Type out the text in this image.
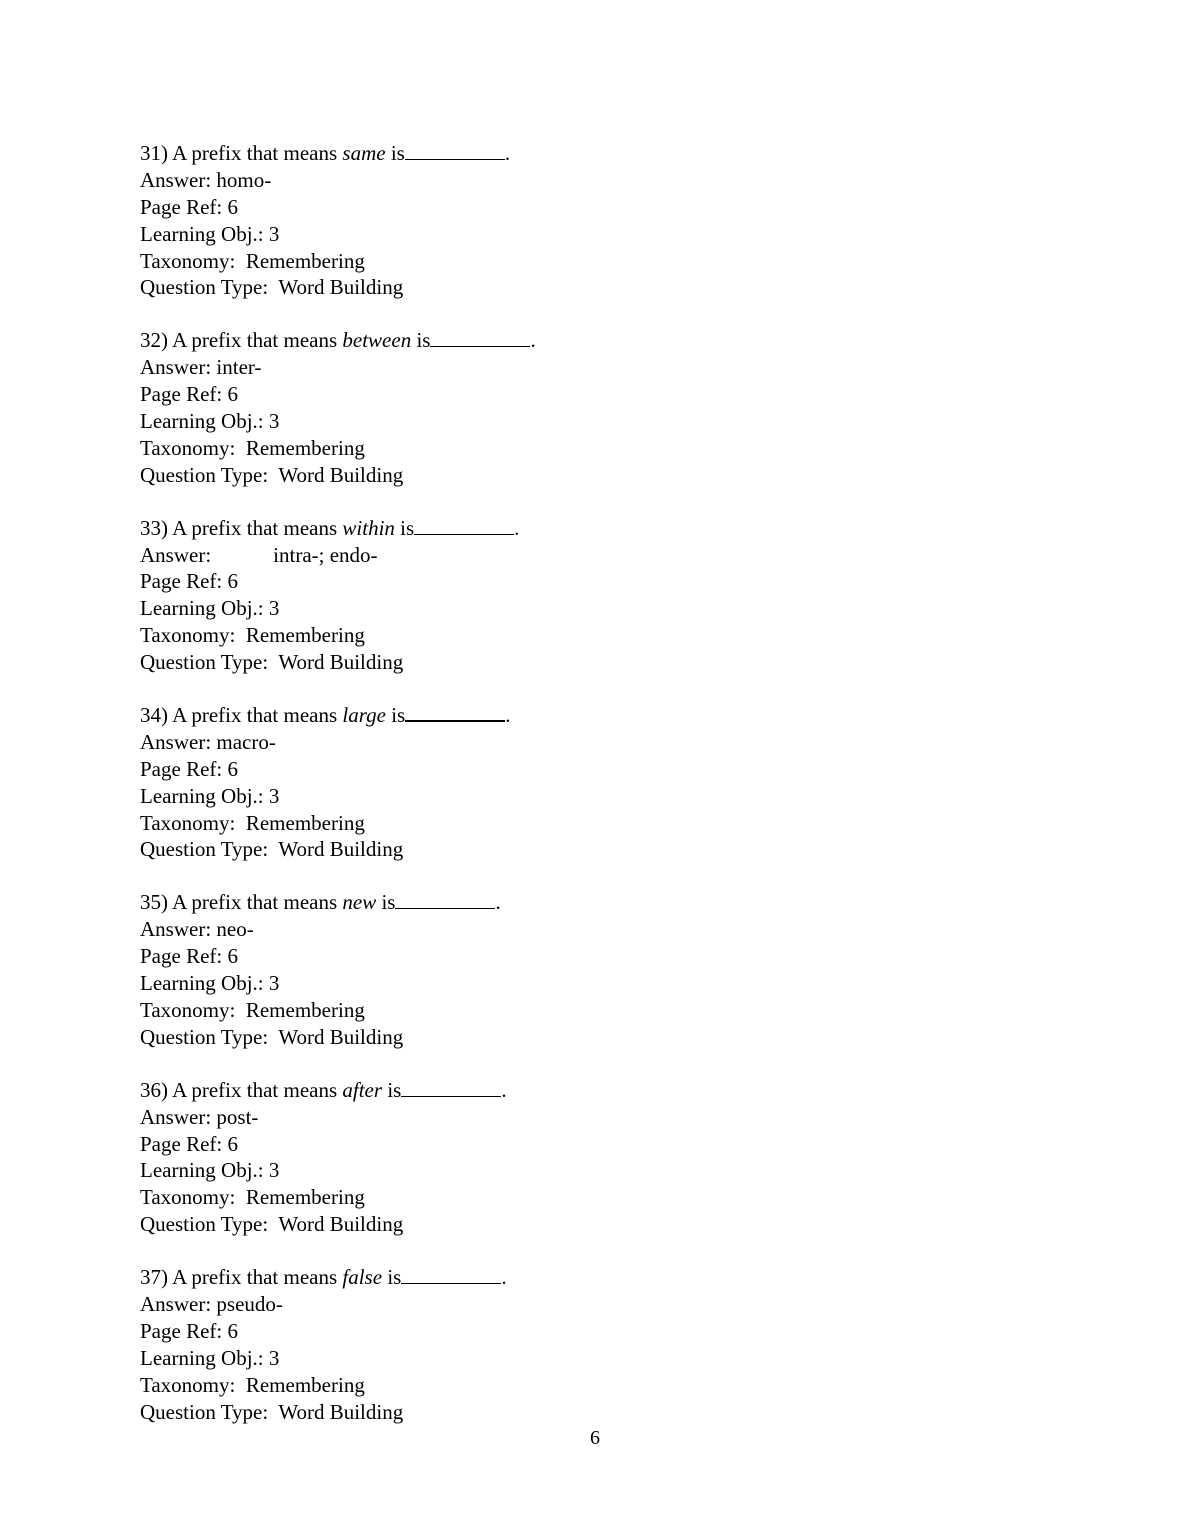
31) A prefix that means same is	.
Answer: homo-
Page Ref: 6
Learning Obj.: 3
Taxonomy:  Remembering
Question Type:  Word Building
32) A prefix that means between is	.
Answer: inter-
Page Ref: 6
Learning Obj.: 3
Taxonomy:  Remembering
Question Type:  Word Building
33) A prefix that means within is	.
Answer:	intra-; endo-
Page Ref: 6
Learning Obj.: 3
Taxonomy:  Remembering
Question Type:  Word Building
34) A prefix that means large is	.
Answer: macro-
Page Ref: 6
Learning Obj.: 3
Taxonomy:  Remembering
Question Type:  Word Building
35) A prefix that means new is	.
Answer: neo-
Page Ref: 6
Learning Obj.: 3
Taxonomy:  Remembering
Question Type:  Word Building
36) A prefix that means after is	.
Answer: post-
Page Ref: 6
Learning Obj.: 3
Taxonomy:  Remembering
Question Type:  Word Building
37) A prefix that means false is	.
Answer: pseudo-
Page Ref: 6
Learning Obj.: 3
Taxonomy:  Remembering
Question Type:  Word Building
6
